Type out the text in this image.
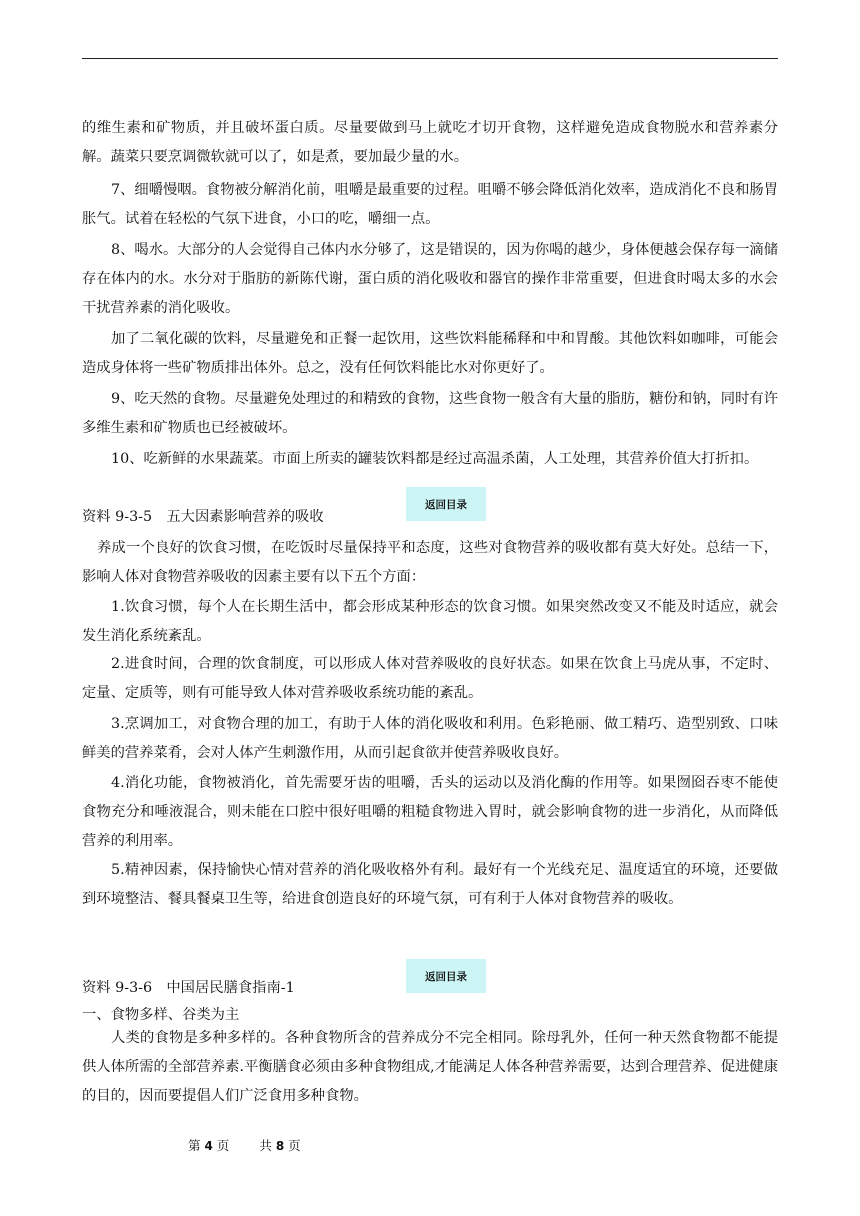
的维生素和矿物质，并且破坏蛋白质。尽量要做到马上就吃才切开食物，这样避免造成食物脱水和营养素分解。蔬菜只要烹调微软就可以了，如是煮，要加最少量的水。

7、细嚼慢咽。食物被分解消化前，咀嚼是最重要的过程。咀嚼不够会降低消化效率，造成消化不良和肠胃胀气。试着在轻松的气氛下进食，小口的吃，嚼细一点。

8、喝水。大部分的人会觉得自己体内水分够了，这是错误的，因为你喝的越少，身体便越会保存每一滴储存在体内的水。水分对于脂肪的新陈代谢，蛋白质的消化吸收和器官的操作非常重要，但进食时喝太多的水会干扰营养素的消化吸收。

加了二氧化碳的饮料，尽量避免和正餐一起饮用，这些饮料能稀释和中和胃酸。其他饮料如咖啡，可能会造成身体将一些矿物质排出体外。总之，没有任何饮料能比水对你更好了。

9、吃天然的食物。尽量避免处理过的和精致的食物，这些食物一般含有大量的脂肪，糖份和钠，同时有许多维生素和矿物质也已经被破坏。

10、吃新鲜的水果蔬菜。市面上所卖的罐装饮料都是经过高温杀菌，人工处理，其营养价值大打折扣。

返回目录

资料 9-3-5　五大因素影响营养的吸收

养成一个良好的饮食习惯，在吃饭时尽量保持平和态度，这些对食物营养的吸收都有莫大好处。总结一下，影响人体对食物营养吸收的因素主要有以下五个方面：

1.饮食习惯，每个人在长期生活中，都会形成某种形态的饮食习惯。如果突然改变又不能及时适应，就会发生消化系统紊乱。

2.进食时间，合理的饮食制度，可以形成人体对营养吸收的良好状态。如果在饮食上马虎从事，不定时、定量、定质等，则有可能导致人体对营养吸收系统功能的紊乱。

3.烹调加工，对食物合理的加工，有助于人体的消化吸收和利用。色彩艳丽、做工精巧、造型别致、口味鲜美的营养菜肴，会对人体产生刺激作用，从而引起食欲并使营养吸收良好。

4.消化功能，食物被消化，首先需要牙齿的咀嚼，舌头的运动以及消化酶的作用等。如果囫囵吞枣不能使食物充分和唾液混合，则未能在口腔中很好咀嚼的粗糙食物进入胃时，就会影响食物的进一步消化，从而降低营养的利用率。

5.精神因素，保持愉快心情对营养的消化吸收格外有利。最好有一个光线充足、温度适宜的环境，还要做到环境整洁、餐具餐桌卫生等，给进食创造良好的环境气氛，可有利于人体对食物营养的吸收。

返回目录

资料 9-3-6　中国居民膳食指南-1

一、食物多样、谷类为主

人类的食物是多种多样的。各种食物所含的营养成分不完全相同。除母乳外，任何一种天然食物都不能提供人体所需的全部营养素.平衡膳食必须由多种食物组成,才能满足人体各种营养需要，达到合理营养、促进健康的目的，因而要提倡人们广泛食用多种食物。

第 4 页 共 8 页
